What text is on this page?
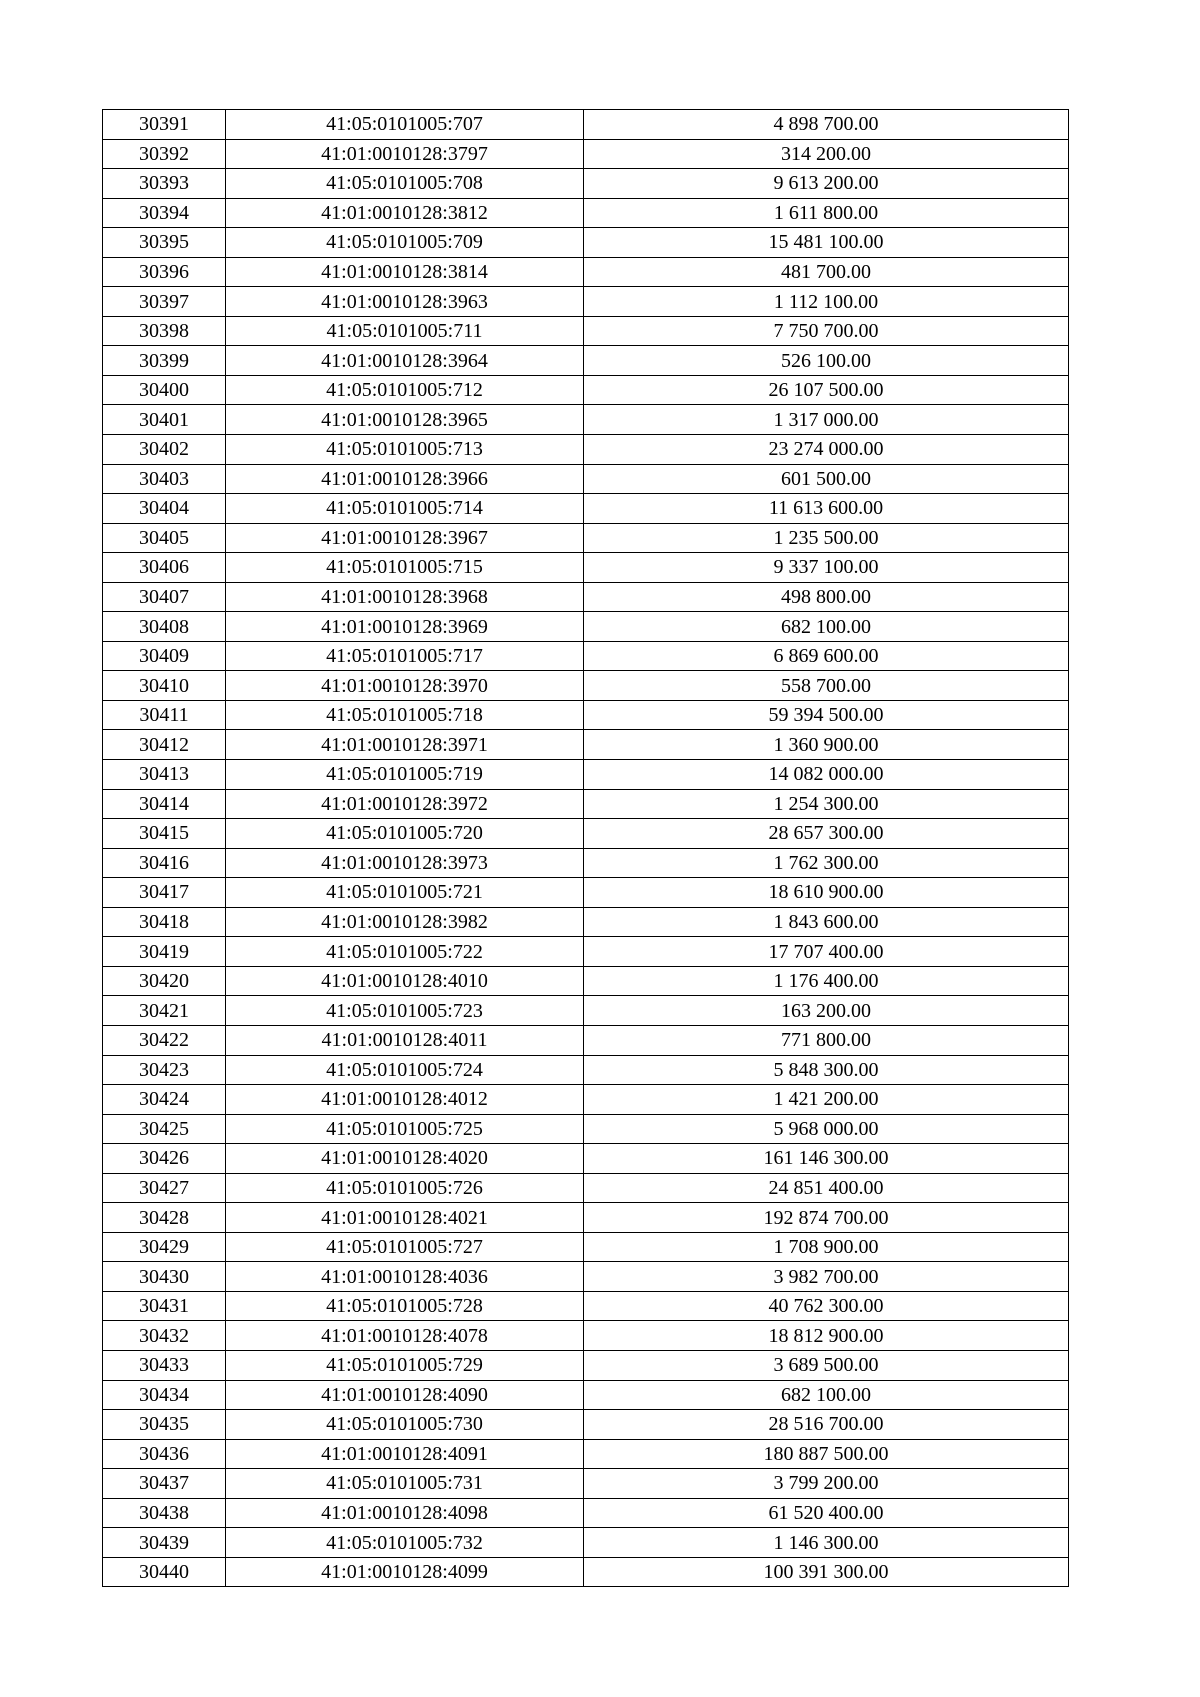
30391	41:05:0101005:707	4 898 700.00
30392	41:01:0010128:3797	314 200.00
30393	41:05:0101005:708	9 613 200.00
30394	41:01:0010128:3812	1 611 800.00
30395	41:05:0101005:709	15 481 100.00
30396	41:01:0010128:3814	481 700.00
30397	41:01:0010128:3963	1 112 100.00
30398	41:05:0101005:711	7 750 700.00
30399	41:01:0010128:3964	526 100.00
30400	41:05:0101005:712	26 107 500.00
30401	41:01:0010128:3965	1 317 000.00
30402	41:05:0101005:713	23 274 000.00
30403	41:01:0010128:3966	601 500.00
30404	41:05:0101005:714	11 613 600.00
30405	41:01:0010128:3967	1 235 500.00
30406	41:05:0101005:715	9 337 100.00
30407	41:01:0010128:3968	498 800.00
30408	41:01:0010128:3969	682 100.00
30409	41:05:0101005:717	6 869 600.00
30410	41:01:0010128:3970	558 700.00
30411	41:05:0101005:718	59 394 500.00
30412	41:01:0010128:3971	1 360 900.00
30413	41:05:0101005:719	14 082 000.00
30414	41:01:0010128:3972	1 254 300.00
30415	41:05:0101005:720	28 657 300.00
30416	41:01:0010128:3973	1 762 300.00
30417	41:05:0101005:721	18 610 900.00
30418	41:01:0010128:3982	1 843 600.00
30419	41:05:0101005:722	17 707 400.00
30420	41:01:0010128:4010	1 176 400.00
30421	41:05:0101005:723	163 200.00
30422	41:01:0010128:4011	771 800.00
30423	41:05:0101005:724	5 848 300.00
30424	41:01:0010128:4012	1 421 200.00
30425	41:05:0101005:725	5 968 000.00
30426	41:01:0010128:4020	161 146 300.00
30427	41:05:0101005:726	24 851 400.00
30428	41:01:0010128:4021	192 874 700.00
30429	41:05:0101005:727	1 708 900.00
30430	41:01:0010128:4036	3 982 700.00
30431	41:05:0101005:728	40 762 300.00
30432	41:01:0010128:4078	18 812 900.00
30433	41:05:0101005:729	3 689 500.00
30434	41:01:0010128:4090	682 100.00
30435	41:05:0101005:730	28 516 700.00
30436	41:01:0010128:4091	180 887 500.00
30437	41:05:0101005:731	3 799 200.00
30438	41:01:0010128:4098	61 520 400.00
30439	41:05:0101005:732	1 146 300.00
30440	41:01:0010128:4099	100 391 300.00
